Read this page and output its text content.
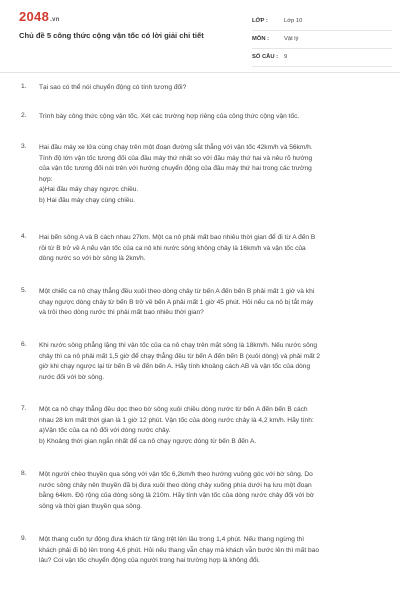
2048.vn
Chủ đề 5 công thức cộng vận tốc có lời giải chi tiết
LỚP :	Lớp 10
MÔN :	Vật lý
SỐ CÂU : 9
1. Tại sao có thể nói chuyển động có tính tương đối?
2. Trình bày công thức cộng vận tốc. Xét các trường hợp riêng của công thức cộng vận tốc.
3. Hai đầu máy xe lửa cùng chạy trên một đoạn đường sắt thẳng với vận tốc 42km/h và 56km/h.
Tính độ lớn vận tốc tương đối của đầu máy thứ nhất so với đầu máy thứ hai và nêu rõ hướng
của vận tốc tương đối nói trên với hướng chuyển động của đầu máy thứ hai trong các trường
hợp:
a)Hai đầu máy chạy ngược chiều.
b) Hai đầu máy chạy cùng chiều.
4. Hai bến sông A và B cách nhau 27km. Một ca nô phải mất bao nhiêu thời gian để đi từ A đến B
rồi từ B trở về A nếu vận tốc của ca nô khi nước sông không chảy là 16km/h và vận tốc của
dòng nước so với bờ sông là 2km/h.
5. Một chiếc ca nô chạy thẳng đều xuôi theo dòng chảy từ bến A đến bến B phải mất 1 giờ và khi
chạy ngược dòng chảy từ bến B trở về bến A phải mất 1 giờ 45 phút. Hỏi nếu ca nô bị tắt máy
và trôi theo dòng nước thì phải mất bao nhiêu thời gian?
6. Khi nước sông phẳng lặng thì vận tốc của ca nô chạy trên mặt sông là 18km/h. Nếu nước sông
chảy thì ca nô phải mất 1,5 giờ để chạy thẳng đều từ bến A đến bến B (xuôi dòng) và phải mất 2
giờ khi chạy ngược lại từ bến B về đến bến A. Hãy tính khoảng cách AB và vận tốc của dòng
nước đối với bờ sông.
7. Một ca nô chạy thẳng đều dọc theo bờ sông xuôi chiều dòng nước từ bến A đến bến B cách
nhau 28 km mất thời gian là 1 giờ 12 phút. Vận tốc của dòng nước chảy là 4,2 km/h. Hãy tính:
a)Vận tốc của ca nô đối với dòng nước chảy.
b) Khoảng thời gian ngắn nhất để ca nô chạy ngược dòng từ bến B đến A.
8. Một người chèo thuyền qua sông với vận tốc 6,2km/h theo hướng vuông góc với bờ sông. Do
nước sông chảy nên thuyền đã bị đưa xuôi theo dòng chảy xuống phía dưới hạ lưu một đoạn
bằng 64km. Độ rộng của dòng sông là 210m. Hãy tính vận tốc của dòng nước chảy đối với bờ
sông và thời gian thuyền qua sông.
9. Một thang cuốn tự động đưa khách từ tầng trệt lên lầu trong 1,4 phút. Nếu thang ngừng thì
khách phải đi bộ lên trong 4,6 phút. Hỏi nếu thang vẫn chạy mà khách vẫn bước lên thì mất bao
lâu? Coi vận tốc chuyển động của người trong hai trường hợp là không đổi.
